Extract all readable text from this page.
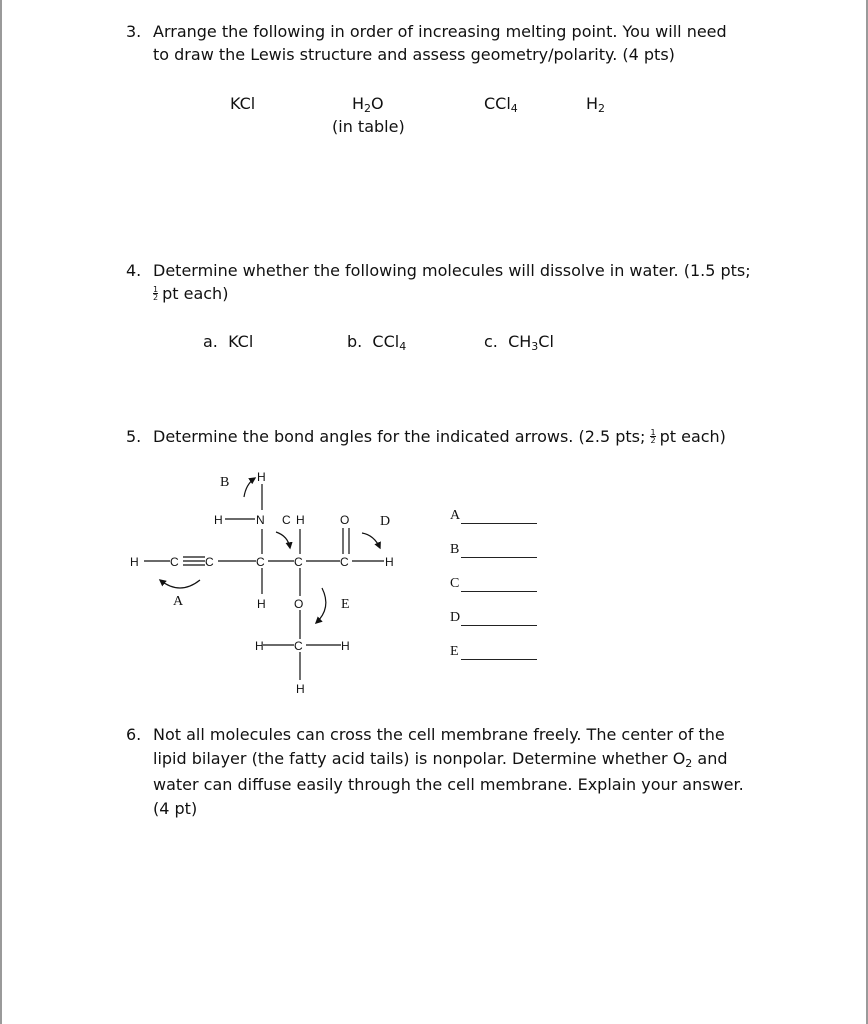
3. Arrange the following in order of increasing melting point. You will need
to draw the Lewis structure and assess geometry/polarity. (4 pts)
KCl	H2O
(in table)
CCl4	H2
4. Determine whether the following molecules will dissolve in water. (1.5 pts;
$\frac{1}{2}$ pt each)
a. KCl	b. CCl4	c. CH3Cl
5. Determine the bond angles for the indicated arrows. (2.5 pts; $\frac{1}{2}$ pt each)
H	C C	C C	C	H
N
H
H
C H	O
H O
H	C	H
H
A
B
D
E
A
B
C
D
E
6. Not all molecules can cross the cell membrane freely. The center of the
lipid bilayer (the fatty acid tails) is nonpolar. Determine whether O2 and
water can diffuse easily through the cell membrane. Explain your answer.
(4 pt)
